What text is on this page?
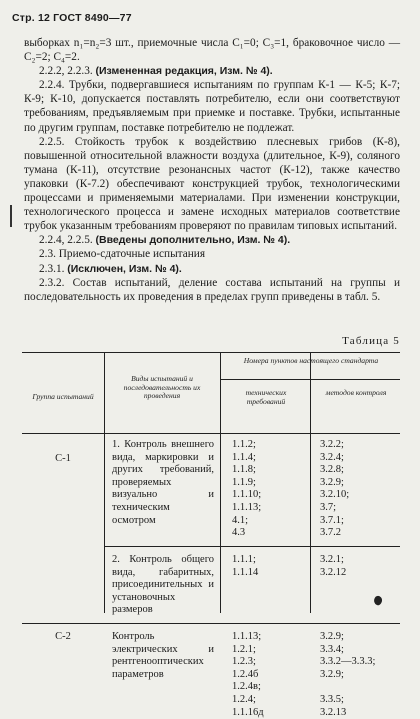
Стр. 12 ГОСТ 8490—77

выборках n₁=n₂=3 шт., приемочные числа C₁=0; C₃=1, браковочное число — C₂=2; C₄=2.

2.2.2, 2.2.3. (Измененная редакция, Изм. № 4).

2.2.4. Трубки, подвергавшиеся испытаниям по группам К-1 — К-5; К-7; К-9; К-10, допускается поставлять потребителю, если они соответствуют требованиям, предъявляемым при приемке и поставке. Трубки, испытанные по другим группам, поставке потребителю не подлежат.

2.2.5. Стойкость трубок к воздействию плесневых грибов (К-8), повышенной относительной влажности воздуха (длительное, К-9), соляного тумана (К-11), отсутствие резонансных частот (К-12), также качество упаковки (К-7.2) обеспечивают конструкцией трубок, технологическими процессами и применяемыми материалами. При изменении конструкции, технологического процесса и замене исходных материалов соответствие трубок указанным требованиям проверяют по правилам типовых испытаний.

2.2.4, 2.2.5. (Введены дополнительно, Изм. № 4).

2.3. Приемо-сдаточные испытания

2.3.1. (Исключен, Изм. № 4).

2.3.2. Состав испытаний, деление состава испытаний на группы и последовательность их проведения в пределах групп приведены в табл. 5.

Таблица 5
Группа испытаний
Виды испытаний и последовательность их проведения
Номера пунктов настоящего стандарта
технических требований
методов контроля
С-1
1. Контроль внешнего вида, маркировки и других требований, проверяемых визуально и техническим осмотром
1.1.2;
1.1.4;
1.1.8;
1.1.9;
1.1.10;
1.1.13;
4.1;
4.3
3.2.2;
3.2.4;
3.2.8;
3.2.9;
3.2.10;
3.7;
3.7.1;
3.7.2
2. Контроль общего вида, габаритных, присоединительных и установочных размеров
1.1.1;
1.1.14
3.2.1;
3.2.12
С-2	Контроль электрических и рентгенооптических параметров
1.1.13;
1.2.1;
1.2.3;
1.2.4б
1.2.4в;
1.2.4;
1.1.16д
3.2.9;
3.3.4;
3.3.2—3.3.3;
3.2.9;
3.3.5;
3.2.13
